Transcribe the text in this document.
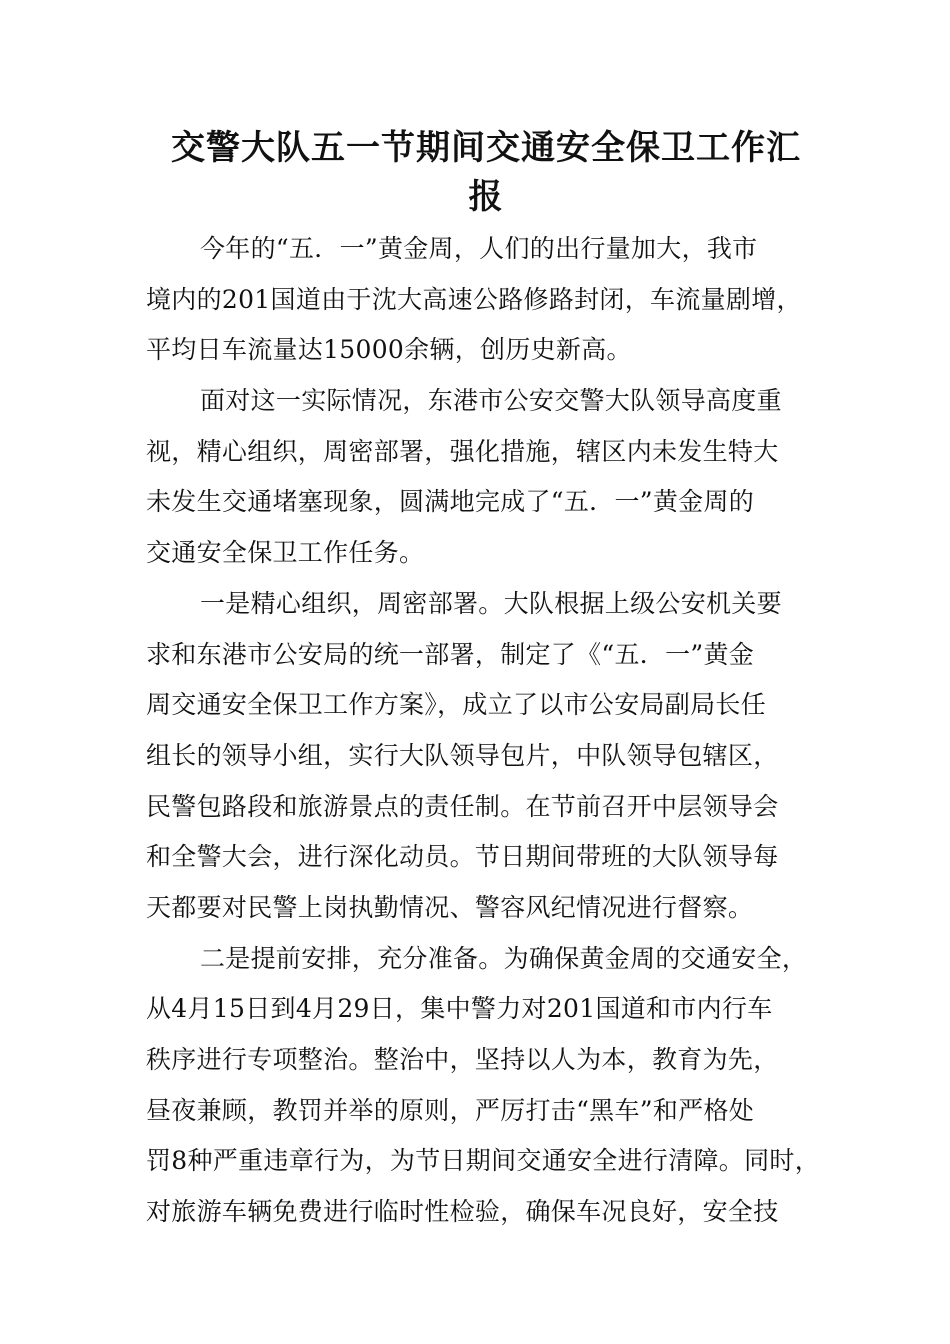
交警大队五一节期间交通安全保卫工作汇
报

今年的“五．一”黄金周，人们的出行量加大，我市
境内的201国道由于沈大高速公路修路封闭，车流量剧增，
平均日车流量达15000余辆，创历史新高。

面对这一实际情况，东港市公安交警大队领导高度重
视，精心组织，周密部署，强化措施，辖区内未发生特大
未发生交通堵塞现象，圆满地完成了“五．一”黄金周的
交通安全保卫工作任务。

一是精心组织，周密部署。大队根据上级公安机关要
求和东港市公安局的统一部署，制定了《“五．一”黄金
周交通安全保卫工作方案》，成立了以市公安局副局长任
组长的领导小组，实行大队领导包片，中队领导包辖区，
民警包路段和旅游景点的责任制。在节前召开中层领导会
和全警大会，进行深化动员。节日期间带班的大队领导每
天都要对民警上岗执勤情况、警容风纪情况进行督察。

二是提前安排，充分准备。为确保黄金周的交通安全，
从4月15日到4月29日，集中警力对201国道和市内行车
秩序进行专项整治。整治中，坚持以人为本，教育为先，
昼夜兼顾，教罚并举的原则，严厉打击“黑车”和严格处
罚8种严重违章行为，为节日期间交通安全进行清障。同时，
对旅游车辆免费进行临时性检验，确保车况良好，安全技
